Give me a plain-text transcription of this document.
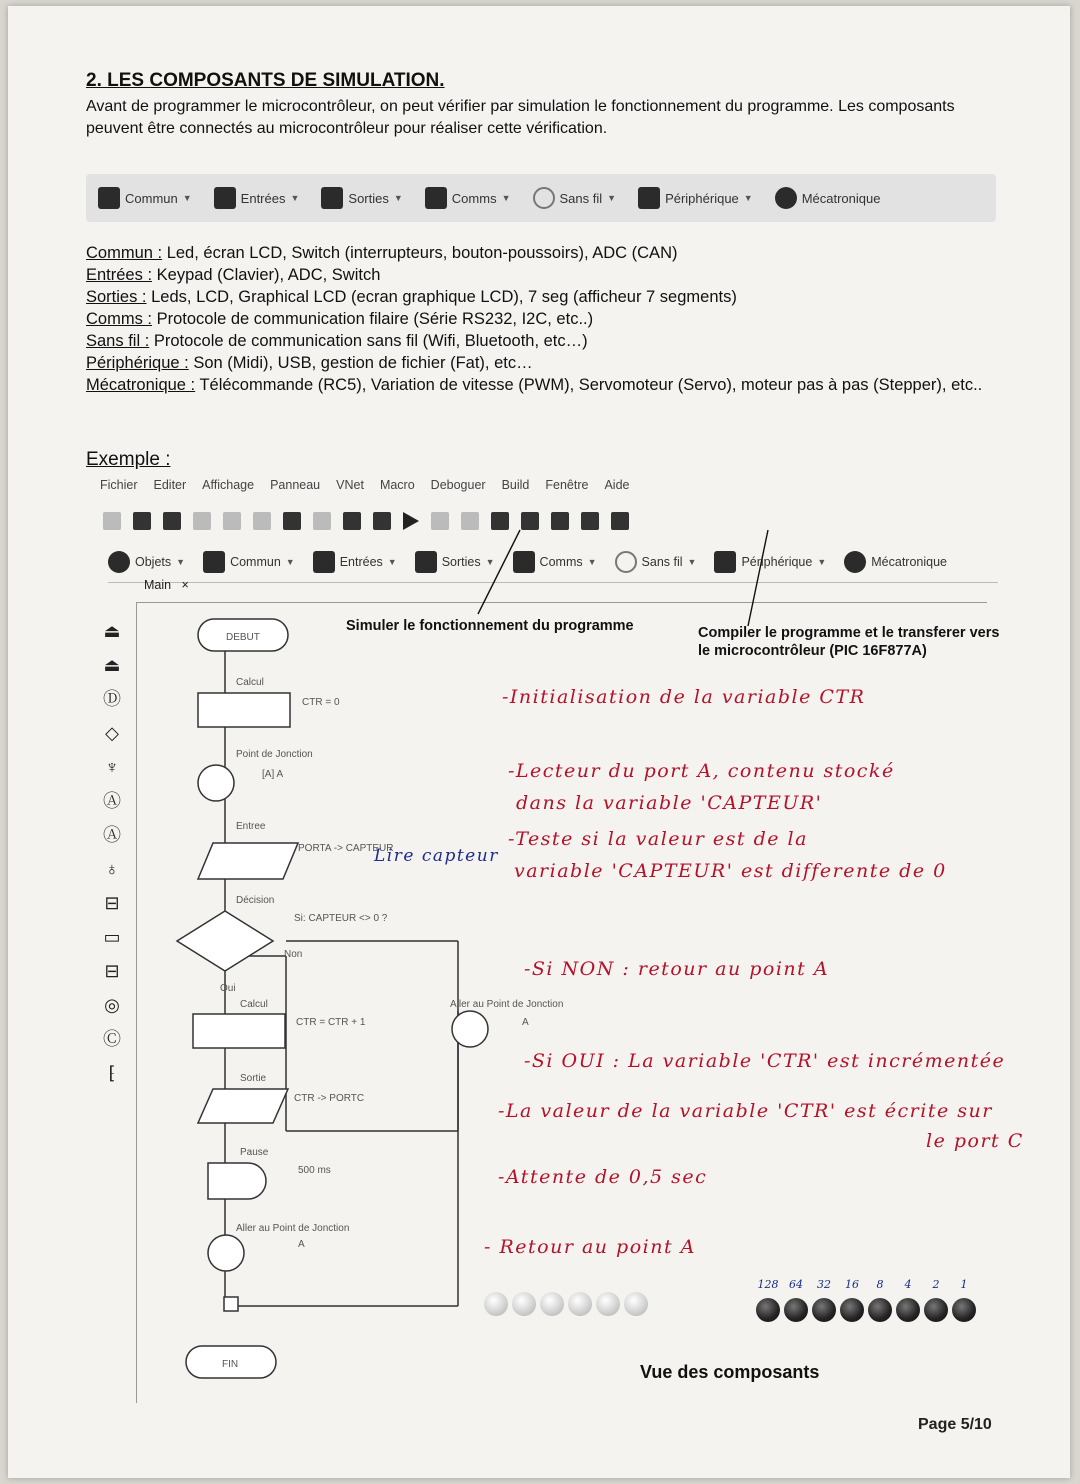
2. LES COMPOSANTS DE SIMULATION.
Avant de programmer le microcontrôleur, on peut vérifier par simulation le fonctionnement du programme. Les composants peuvent être connectés au microcontrôleur pour réaliser cette vérification.
Commun ▼	Entrées ▼	Sorties ▼	Comms ▼	Sans fil ▼	Périphérique ▼	Mécatronique
Commun : Led, écran LCD, Switch (interrupteurs, bouton-poussoirs), ADC (CAN)
Entrées : Keypad (Clavier), ADC, Switch
Sorties : Leds, LCD, Graphical LCD (ecran graphique LCD), 7 seg (afficheur 7 segments)
Comms : Protocole de communication filaire (Série RS232, I2C, etc..)
Sans fil : Protocole de communication sans fil (Wifi, Bluetooth, etc…)
Périphérique : Son (Midi), USB, gestion de fichier (Fat), etc…
Mécatronique : Télécommande (RC5), Variation de vitesse (PWM), Servomoteur (Servo), moteur pas à pas (Stepper), etc..
Exemple :
Fichier Editer Affichage Panneau VNet Macro Deboguer Build Fenêtre Aide
Objets ▼	Commun ▼	Entrées ▼	Sorties ▼	Comms ▼	Sans fil ▼	Périphérique ▼	Mécatronique
Main ×
⏏
⏏
Ⓓ
◇
♆
Ⓐ
Ⓐ
♁
⊟
▭
⊟
◎
Ⓒ
⁅
DEBUT
Calcul
CTR = 0
Point de Jonction
[A] A
Entree
PORTA -> CAPTEUR
Décision
Si: CAPTEUR <> 0 ?
Non
Oui
Calcul
CTR = CTR + 1
Aller au Point de Jonction
A
Sortie
CTR -> PORTC
Pause
500 ms
Aller au Point de Jonction
A
FIN
Simuler le fonctionnement du programme	Compiler le programme et le transferer vers le microcontrôleur (PIC 16F877A)
-Initialisation de la variable CTR
-Lecteur du port A, contenu stocké
dans la variable 'CAPTEUR'
-Teste si la valeur est de la
variable 'CAPTEUR' est differente de 0
Lire capteur
-Si NON : retour au point A
-Si OUI : La variable 'CTR' est incrémentée
-La valeur de la variable 'CTR' est écrite sur
le port C
-Attente de 0,5 sec
- Retour au point A
128 64	32	16	8	4	2	1
Vue des composants
Page 5/10
